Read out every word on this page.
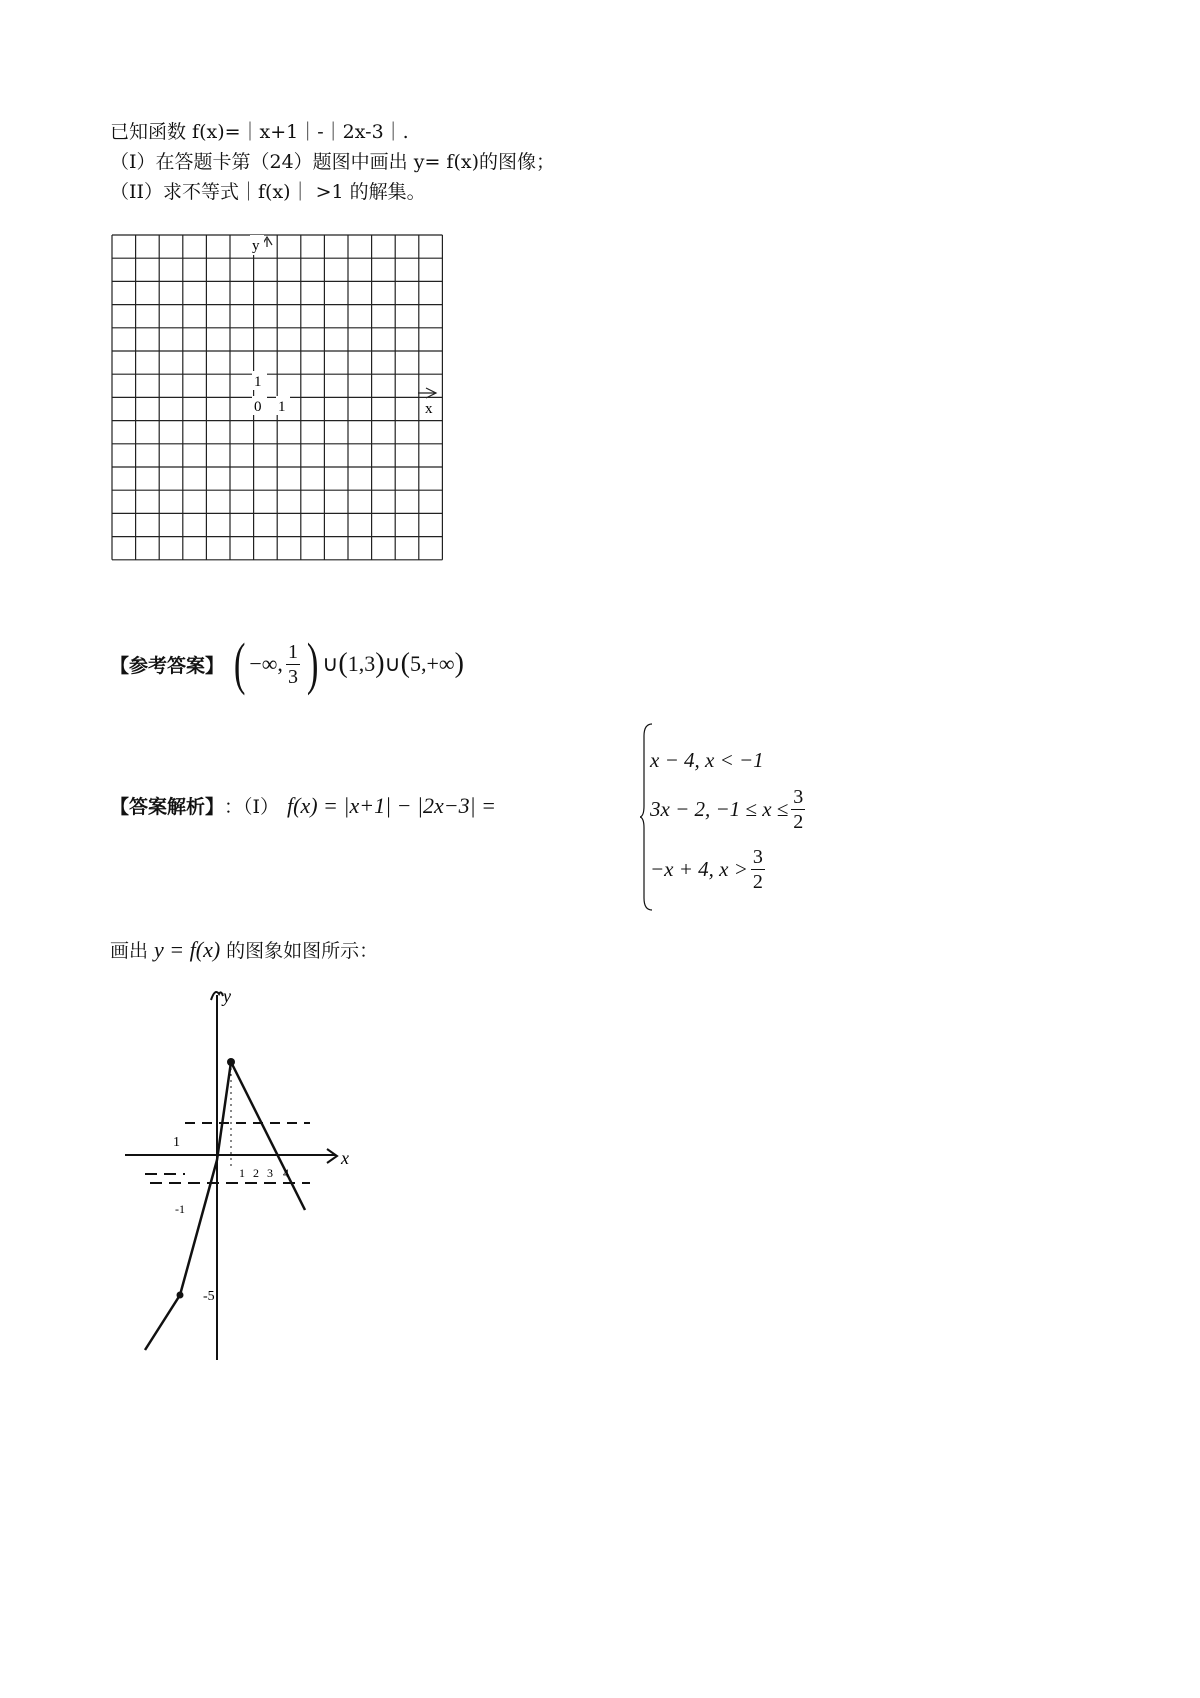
已知函数 f(x)=｜x+1｜-｜2x-3｜.
（I）在答题卡第（24）题图中画出 y= f(x)的图像；
（II）求不等式｜f(x)｜ >1 的解集。
y
1
0 1	x
【参考答案】 ( −∞, $\frac{1}{3}$ ) ∪ ( 1,3 ) ∪ ( 5,+∞ )
【答案解析】 ：（I） f(x) = |x+1| − |2x−3| =
x − 4, x < −1
3x − 2, $-1 \le x \le \frac{3}{2}$
−x + 4, $x > \frac{3}{2}$
画出 y = f(x) 的图象如图所示：
y
x
1
1 2 3 4
-1
-5
